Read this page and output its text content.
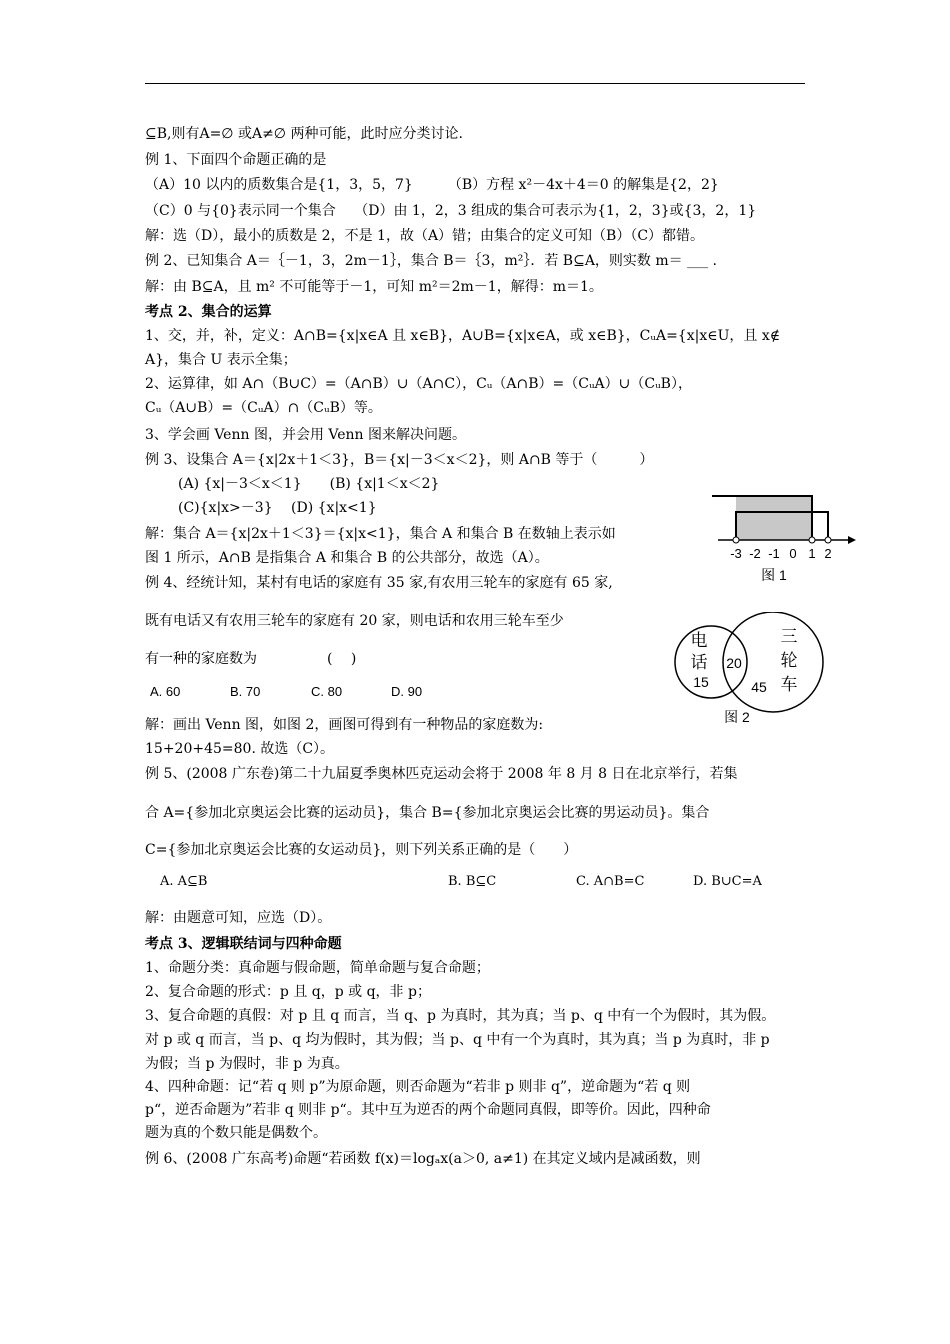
⊆B,则有A=∅ 或A≠∅ 两种可能，此时应分类讨论.
例 1、下面四个命题正确的是
（A）10 以内的质数集合是{1，3，5，7}　　　（B）方程 x²－4x＋4＝0 的解集是{2，2}
（C）0 与{0}表示同一个集合　 （D）由 1，2，3 组成的集合可表示为{1，2，3}或{3，2，1}
解：选（D），最小的质数是 2，不是 1，故（A）错；由集合的定义可知（B）（C）都错。
例 2、已知集合 A＝｛－1，3，2m－1｝，集合 B＝｛3，m²｝．若 B⊆A，则实数 m＝ ___ .
解：由 B⊆A，且 m² 不可能等于－1，可知 m²＝2m－1，解得：m＝1。
考点 2、集合的运算
1、交，并，补，定义：A∩B={x|x∈A 且 x∈B}，A∪B={x|x∈A，或 x∈B}，CᵤA={x|x∈U，且 x∉
A}，集合 U 表示全集；
2、运算律，如 A∩（B∪C）=（A∩B）∪（A∩C），Cᵤ（A∩B）=（CᵤA）∪（CᵤB），
Cᵤ（A∪B）=（CᵤA）∩（CᵤB）等。
3、学会画 Venn 图，并会用 Venn 图来解决问题。
例 3、设集合 A＝{x|2x＋1＜3}，B＝{x|－3＜x＜2}，则 A∩B 等于（　　　）
(A) {x|－3＜x＜1}　　(B) {x|1＜x＜2}
(C){x|x>－3}　 (D) {x|x<1}
解：集合 A＝{x|2x＋1＜3}＝{x|x<1}，集合 A 和集合 B 在数轴上表示如
图 1 所示，A∩B 是指集合 A 和集合 B 的公共部分，故选（A）。
例 4、经统计知，某村有电话的家庭有 35 家,有农用三轮车的家庭有 65 家,
既有电话又有农用三轮车的家庭有 20 家，则电话和农用三轮车至少
有一种的家庭数为　　　　　(　 )
A. 60	B. 70	C. 80	D. 90
解：画出 Venn 图，如图 2，画图可得到有一种物品的家庭数为:
15+20+45=80. 故选（C）。
例 5、(2008 广东卷)第二十九届夏季奥林匹克运动会将于 2008 年 8 月 8 日在北京举行，若集
合 A={参加北京奥运会比赛的运动员}，集合 B={参加北京奥运会比赛的男运动员}。集合
C={参加北京奥运会比赛的女运动员}，则下列关系正确的是（　　）
A. A⊆B	B. B⊆C	C. A∩B=C	D. B∪C=A
解：由题意可知，应选（D）。
考点 3、逻辑联结词与四种命题
1、命题分类：真命题与假命题，简单命题与复合命题；
2、复合命题的形式：p 且 q，p 或 q，非 p；
3、复合命题的真假：对 p 且 q 而言，当 q、p 为真时，其为真；当 p、q 中有一个为假时，其为假。
对 p 或 q 而言，当 p、q 均为假时，其为假；当 p、q 中有一个为真时，其为真；当 p 为真时，非 p
为假；当 p 为假时，非 p 为真。
4、四种命题：记“若 q 则 p”为原命题，则否命题为“若非 p 则非 q”，逆命题为“若 q 则
p“，逆否命题为”若非 q 则非 p“。其中互为逆否的两个命题同真假，即等价。因此，四种命
题为真的个数只能是偶数个。
例 6、(2008 广东高考)命题“若函数 f(x)＝logₐx(a＞0, a≠1) 在其定义域内是减函数，则
-3 -2 -1 0 1 2
图 1
电
话
15
20
三
轮
车
45
图 2
